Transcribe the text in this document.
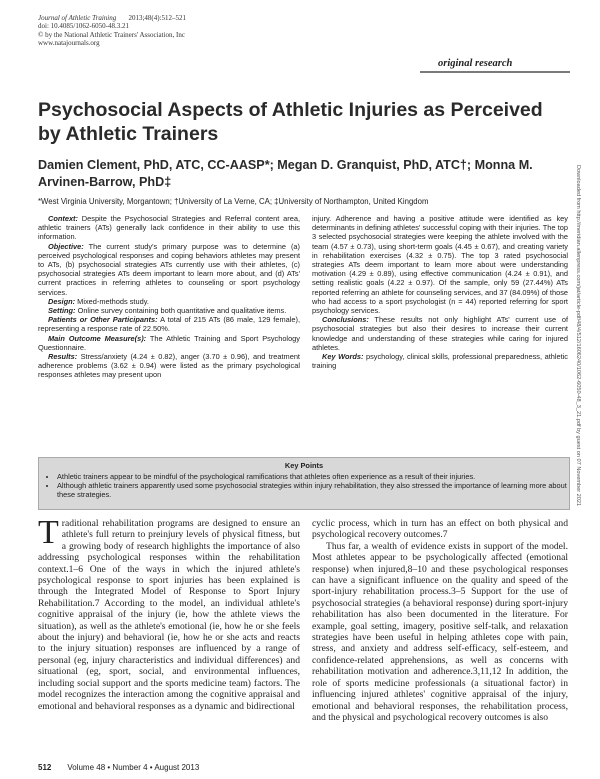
Journal of Athletic Training 2013;48(4):512–521
doi: 10.4085/1062-6050-48.3.21
© by the National Athletic Trainers' Association, Inc
www.natajournals.org
original research
Psychosocial Aspects of Athletic Injuries as Perceived by Athletic Trainers
Damien Clement, PhD, ATC, CC-AASP*; Megan D. Granquist, PhD, ATC†; Monna M. Arvinen-Barrow, PhD‡
*West Virginia University, Morgantown; †University of La Verne, CA; ‡University of Northampton, United Kingdom

Context: Despite the Psychosocial Strategies and Referral content area, athletic trainers (ATs) generally lack confidence in their ability to use this information.

Objective: The current study's primary purpose was to determine (a) perceived psychological responses and coping behaviors athletes may present to ATs, (b) psychosocial strategies ATs currently use with their athletes, (c) psychosocial strategies ATs deem important to learn more about, and (d) ATs' current practices in referring athletes to counseling or sport psychology services.

Design: Mixed-methods study.

Setting: Online survey containing both quantitative and qualitative items.

Patients or Other Participants: A total of 215 ATs (86 male, 129 female), representing a response rate of 22.50%.

Main Outcome Measure(s): The Athletic Training and Sport Psychology Questionnaire.

Results: Stress/anxiety (4.24 ± 0.82), anger (3.70 ± 0.96), and treatment adherence problems (3.62 ± 0.94) were listed as the primary psychological responses athletes may present upon

injury. Adherence and having a positive attitude were identified as key determinants in defining athletes' successful coping with their injuries. The top 3 selected psychosocial strategies were keeping the athlete involved with the team (4.57 ± 0.73), using short-term goals (4.45 ± 0.67), and creating variety in rehabilitation exercises (4.32 ± 0.75). The top 3 rated psychosocial strategies ATs deem important to learn more about were understanding motivation (4.29 ± 0.89), using effective communication (4.24 ± 0.91), and setting realistic goals (4.22 ± 0.97). Of the sample, only 59 (27.44%) ATs reported referring an athlete for counseling services, and 37 (84.09%) of those who had access to a sport psychologist (n = 44) reported referring for sport psychology services.

Conclusions: These results not only highlight ATs' current use of psychosocial strategies but also their desires to increase their current knowledge and understanding of these strategies while caring for injured athletes.

Key Words: psychology, clinical skills, professional preparedness, athletic training	Downloaded from http://meridian.allenpress.com/jat/article-pdf/48/4/512/1606240/1062-6050-48_3_21.pdf by guest on 07 November 2021
Key Points
• Athletic trainers appear to be mindful of the psychological ramifications that athletes often experience as a result of their injuries.
• Although athletic trainers apparently used some psychosocial strategies within injury rehabilitation, they also stressed the importance of learning more about these strategies.

Traditional rehabilitation programs are designed to ensure an athlete's full return to preinjury levels of physical fitness, but a growing body of research highlights the importance of also addressing psychological responses within the rehabilitation context.1–6 One of the ways in which the injured athlete's psychological response to sport injuries has been explained is through the Integrated Model of Response to Sport Injury Rehabilitation.7 According to the model, an individual athlete's cognitive appraisal of the injury (ie, how the athlete views the situation), as well as the athlete's emotional (ie, how he or she feels about the injury) and behavioral (ie, how he or she acts and reacts to the injury situation) responses are influenced by a range of personal (eg, injury characteristics and individual differences) and situational (eg, sport, social, and environmental influences, including social support and the sports medicine team) factors. The model recognizes the interaction among the cognitive appraisal and emotional and behavioral responses as a dynamic and bidirectional

cyclic process, which in turn has an effect on both physical and psychological recovery outcomes.7

Thus far, a wealth of evidence exists in support of the model. Most athletes appear to be psychologically affected (emotional response) when injured,8–10 and these psychological responses can have a significant influence on the quality and speed of the sport-injury rehabilitation process.3–5 Support for the use of psychosocial strategies (a behavioral response) during sport-injury rehabilitation has also been documented in the literature. For example, goal setting, imagery, positive self-talk, and relaxation strategies have been useful in helping athletes cope with pain, stress, and anxiety and address self-efficacy, self-esteem, and confidence-related apprehensions, as well as concerns with rehabilitation motivation and adherence.3,11,12 In addition, the role of sports medicine professionals (a situational factor) in influencing injured athletes' cognitive appraisal of the injury, emotional and behavioral responses, the rehabilitation process, and the physical and psychological recovery outcomes is also

512 Volume 48 • Number 4 • August 2013
